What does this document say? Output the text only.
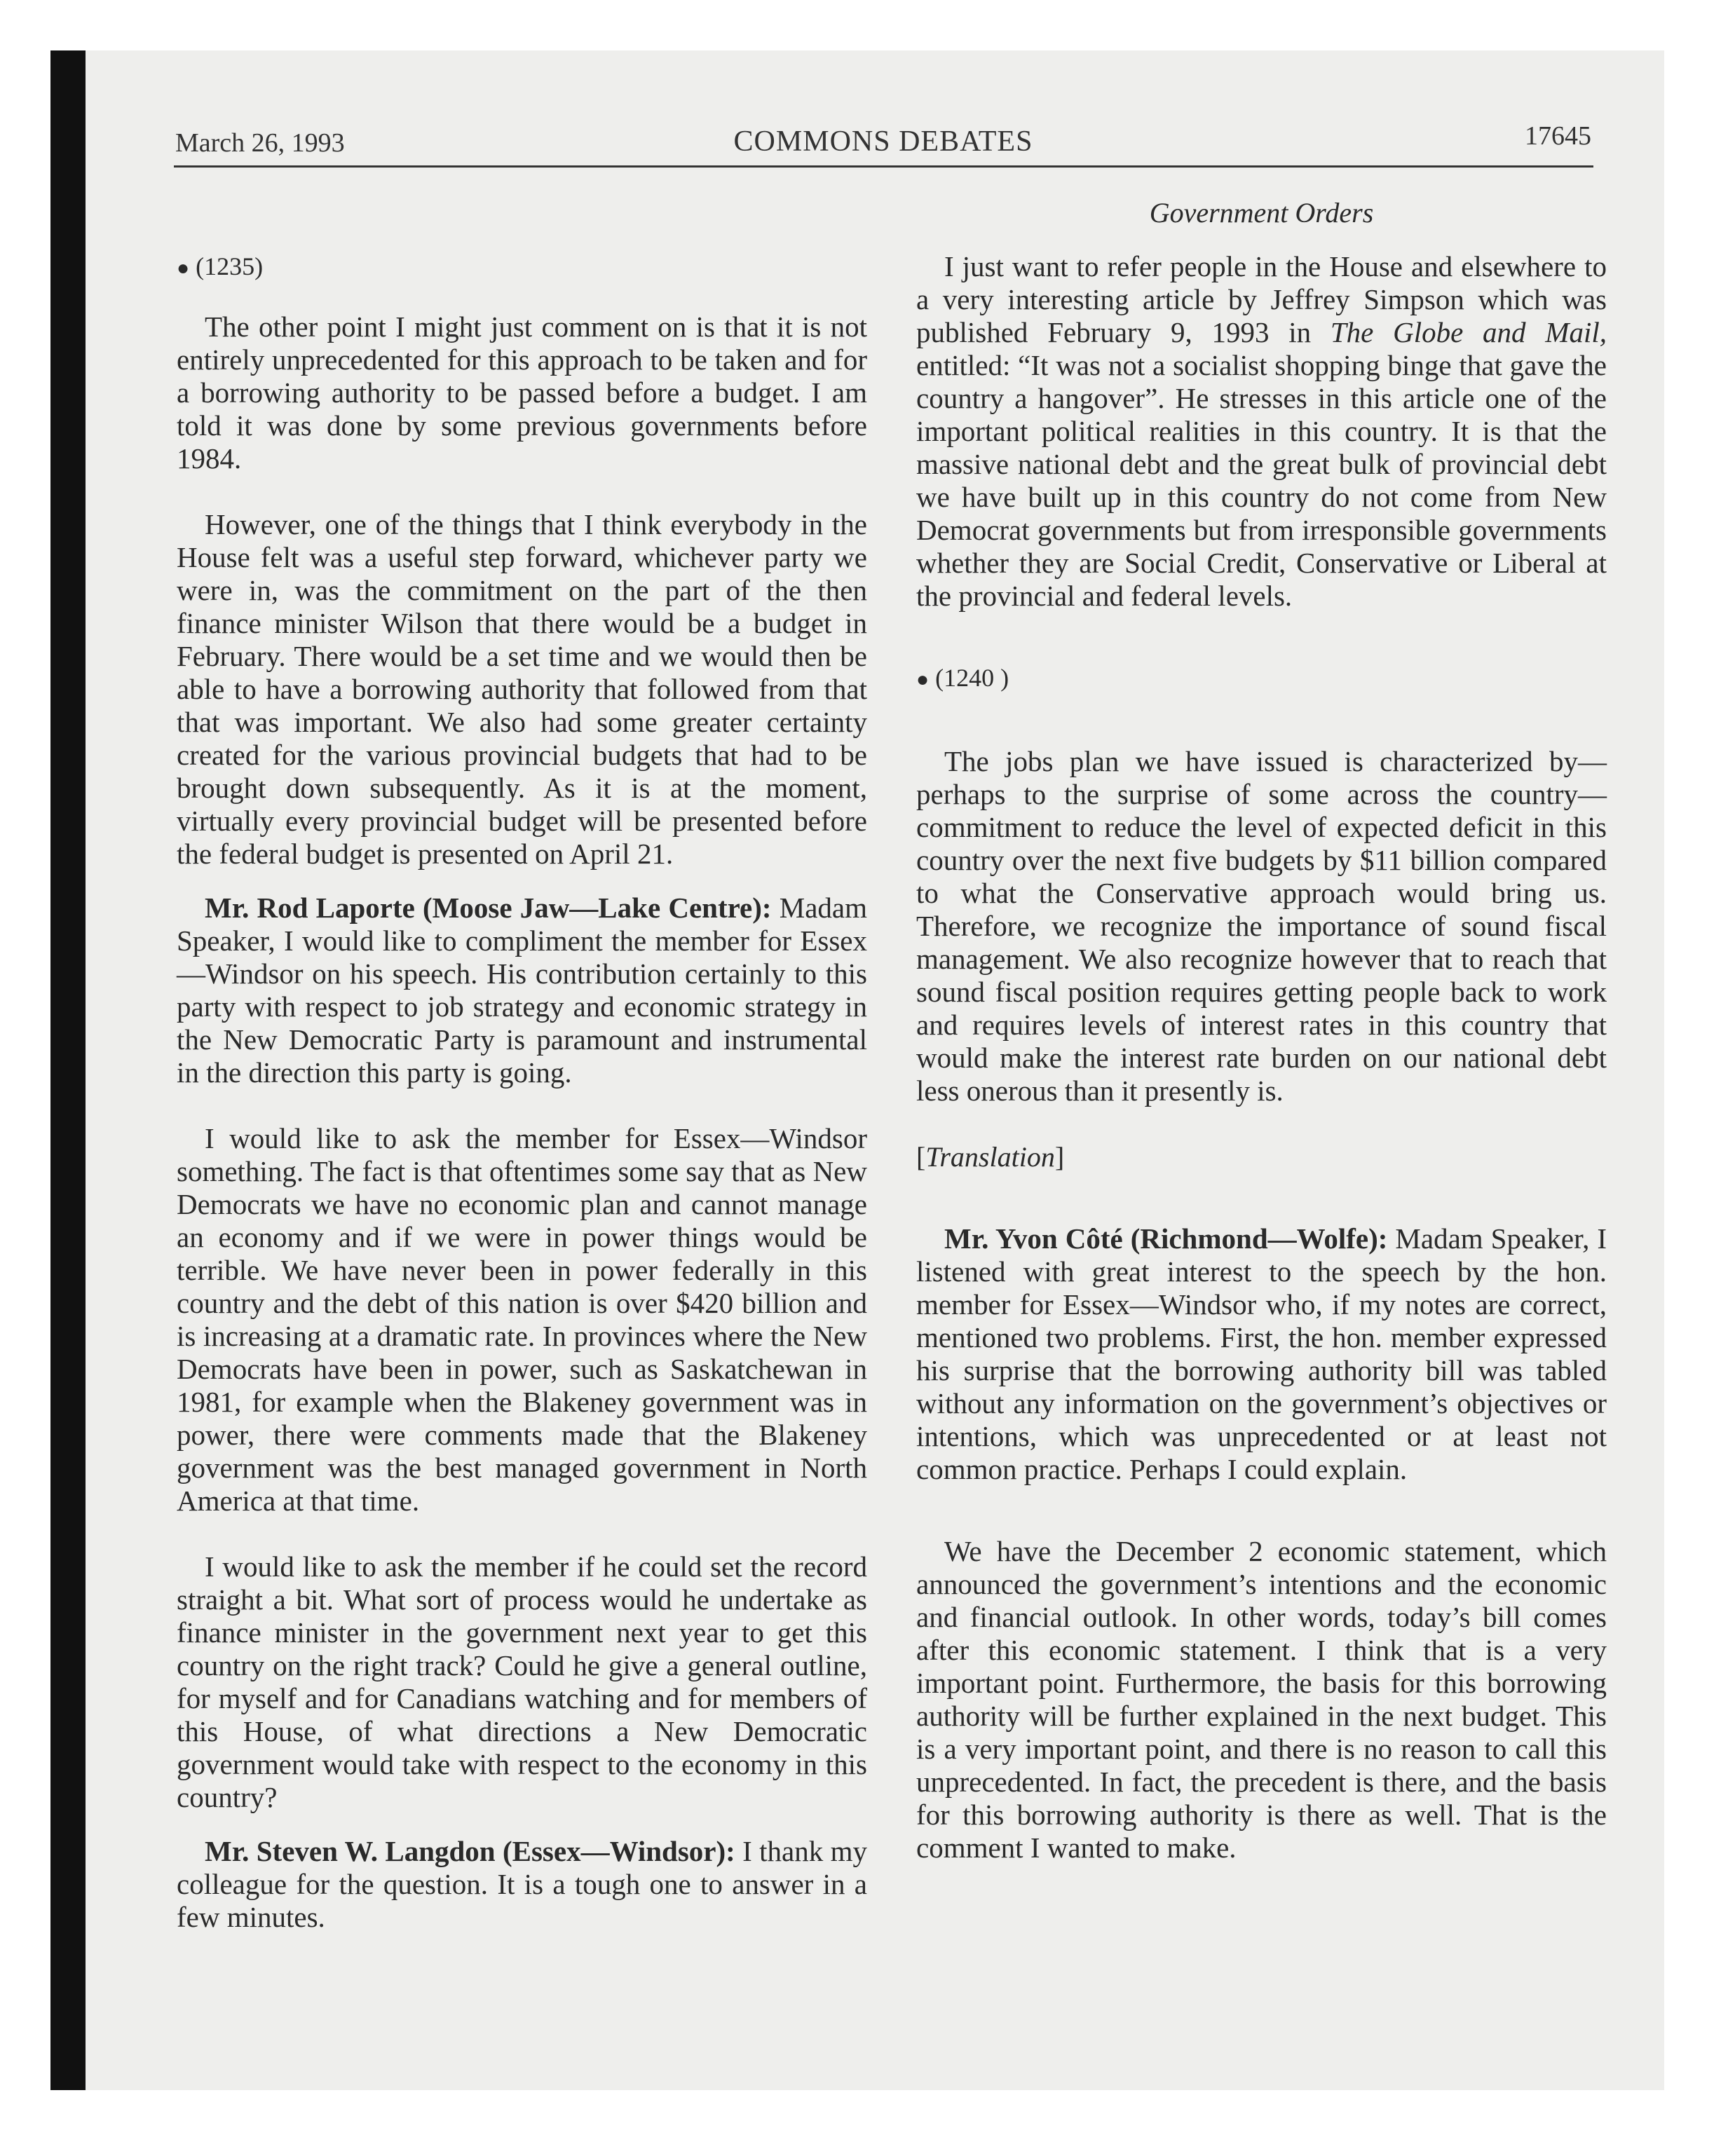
March 26, 1993	COMMONS DEBATES	17645

● (1235)

The other point I might just comment on is that it is not entirely unprecedented for this approach to be taken and for a borrowing authority to be passed before a budget. I am told it was done by some previous governments before 1984.

However, one of the things that I think everybody in the House felt was a useful step forward, whichever party we were in, was the commitment on the part of the then finance minister Wilson that there would be a budget in February. There would be a set time and we would then be able to have a borrowing authority that followed from that that was important. We also had some greater certainty created for the various provincial budgets that had to be brought down subsequently. As it is at the moment, virtually every provincial budget will be presented before the federal budget is presented on April 21.

Mr. Rod Laporte (Moose Jaw—Lake Centre): Madam Speaker, I would like to compliment the member for Essex—Windsor on his speech. His contribution certainly to this party with respect to job strategy and economic strategy in the New Democratic Party is paramount and instrumental in the direction this party is going.

I would like to ask the member for Essex—Windsor something. The fact is that oftentimes some say that as New Democrats we have no economic plan and cannot manage an economy and if we were in power things would be terrible. We have never been in power federally in this country and the debt of this nation is over $420 billion and is increasing at a dramatic rate. In provinces where the New Democrats have been in power, such as Saskatchewan in 1981, for example when the Blakeney government was in power, there were comments made that the Blakeney government was the best managed government in North America at that time.

I would like to ask the member if he could set the record straight a bit. What sort of process would he undertake as finance minister in the government next year to get this country on the right track? Could he give a general outline, for myself and for Canadians watching and for members of this House, of what directions a New Democratic government would take with respect to the economy in this country?

Mr. Steven W. Langdon (Essex—Windsor): I thank my colleague for the question. It is a tough one to answer in a few minutes.

Government Orders

I just want to refer people in the House and elsewhere to a very interesting article by Jeffrey Simpson which was published February 9, 1993 in The Globe and Mail, entitled: “It was not a socialist shopping binge that gave the country a hangover”. He stresses in this article one of the important political realities in this country. It is that the massive national debt and the great bulk of provincial debt we have built up in this country do not come from New Democrat governments but from irresponsible governments whether they are Social Credit, Conservative or Liberal at the provincial and federal levels.

● (1240 )

The jobs plan we have issued is characterized by—perhaps to the surprise of some across the country—commitment to reduce the level of expected deficit in this country over the next five budgets by $11 billion compared to what the Conservative approach would bring us. Therefore, we recognize the importance of sound fiscal management. We also recognize however that to reach that sound fiscal position requires getting people back to work and requires levels of interest rates in this country that would make the interest rate burden on our national debt less onerous than it presently is.

[Translation]

Mr. Yvon Côté (Richmond—Wolfe): Madam Speaker, I listened with great interest to the speech by the hon. member for Essex—Windsor who, if my notes are correct, mentioned two problems. First, the hon. member expressed his surprise that the borrowing authority bill was tabled without any information on the government’s objectives or intentions, which was unprecedented or at least not common practice. Perhaps I could explain.

We have the December 2 economic statement, which announced the government’s intentions and the economic and financial outlook. In other words, today’s bill comes after this economic statement. I think that is a very important point. Furthermore, the basis for this borrowing authority will be further explained in the next budget. This is a very important point, and there is no reason to call this unprecedented. In fact, the precedent is there, and the basis for this borrowing authority is there as well. That is the comment I wanted to make.
